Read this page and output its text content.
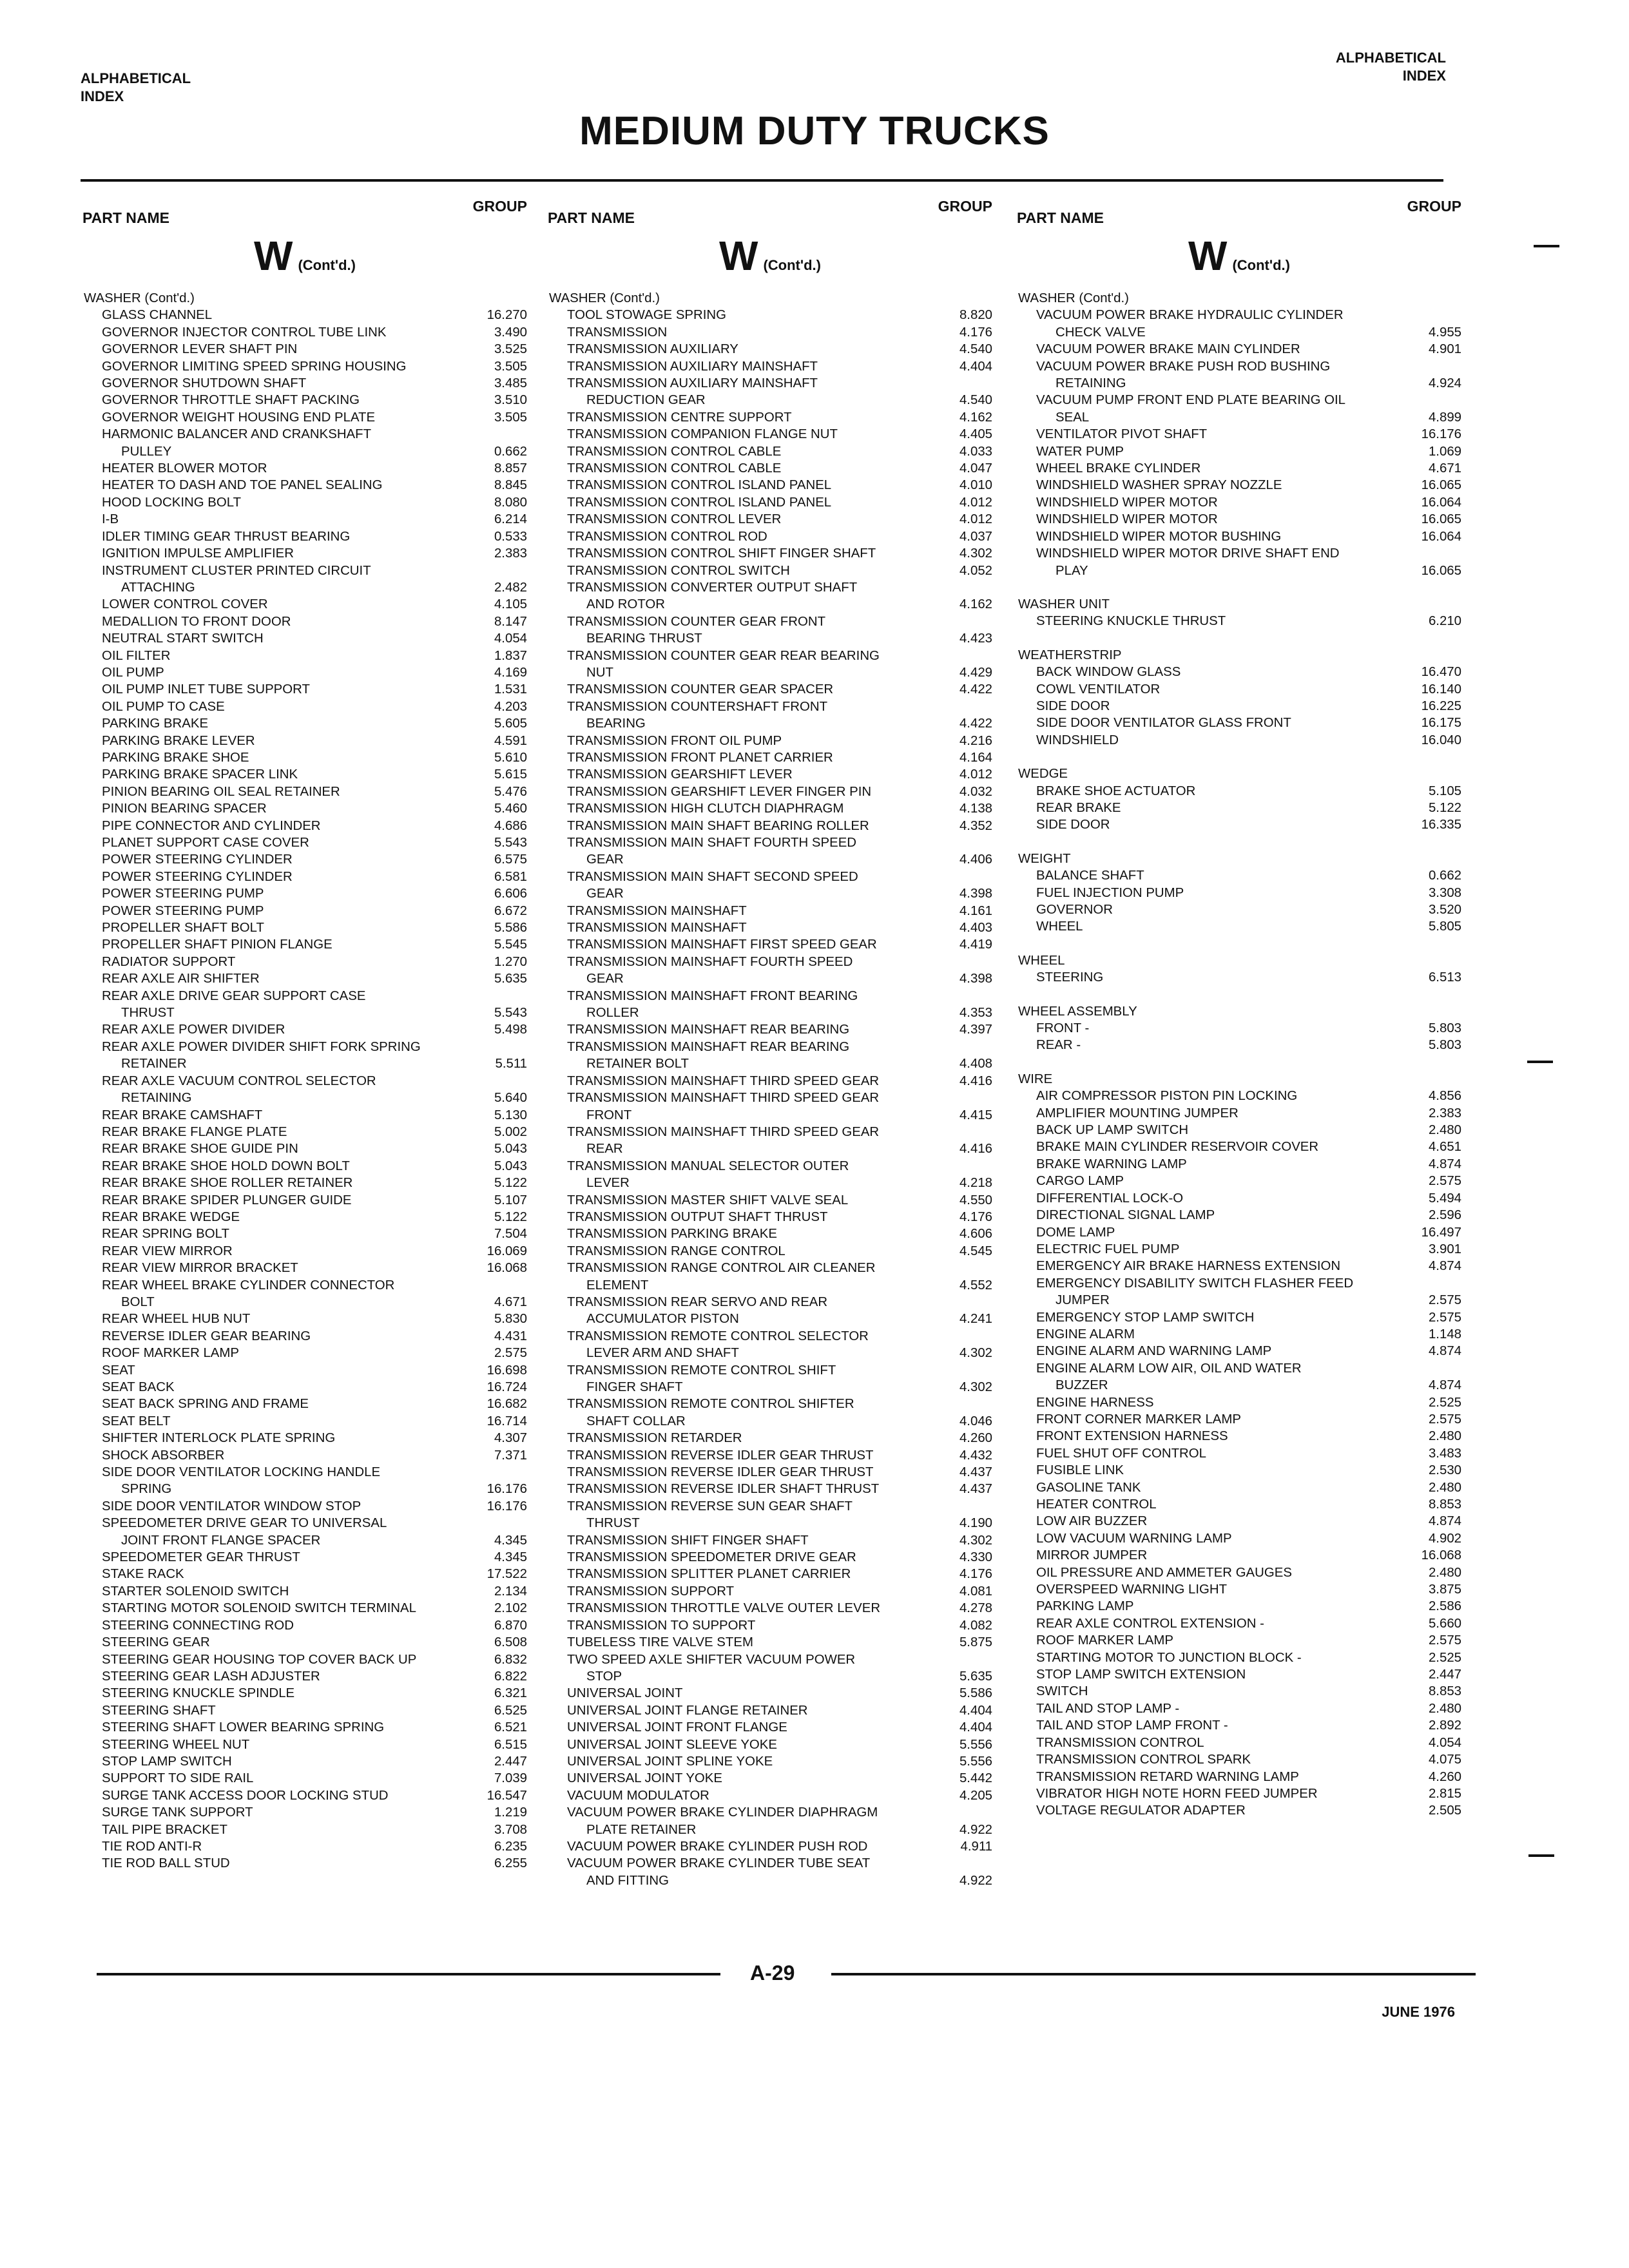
ALPHABETICAL
INDEX
ALPHABETICAL
INDEX
MEDIUM DUTY TRUCKS
PART NAME
GROUP
W (Cont'd.)
WASHER (Cont'd.)
GLASS CHANNEL	16.270
GOVERNOR INJECTOR CONTROL TUBE LINK	3.490
GOVERNOR LEVER SHAFT PIN	3.525
GOVERNOR LIMITING SPEED SPRING HOUSING	3.505
GOVERNOR SHUTDOWN SHAFT	3.485
GOVERNOR THROTTLE SHAFT PACKING	3.510
GOVERNOR WEIGHT HOUSING END PLATE	3.505
HARMONIC BALANCER AND CRANKSHAFT
PULLEY	0.662
HEATER BLOWER MOTOR	8.857
HEATER TO DASH AND TOE PANEL SEALING	8.845
HOOD LOCKING BOLT	8.080
I-B	6.214
IDLER TIMING GEAR THRUST BEARING	0.533
IGNITION IMPULSE AMPLIFIER	2.383
INSTRUMENT CLUSTER PRINTED CIRCUIT
ATTACHING	2.482
LOWER CONTROL COVER	4.105
MEDALLION TO FRONT DOOR	8.147
NEUTRAL START SWITCH	4.054
OIL FILTER	1.837
OIL PUMP	4.169
OIL PUMP INLET TUBE SUPPORT	1.531
OIL PUMP TO CASE	4.203
PARKING BRAKE	5.605
PARKING BRAKE LEVER	4.591
PARKING BRAKE SHOE	5.610
PARKING BRAKE SPACER LINK	5.615
PINION BEARING OIL SEAL RETAINER	5.476
PINION BEARING SPACER	5.460
PIPE CONNECTOR AND CYLINDER	4.686
PLANET SUPPORT CASE COVER	5.543
POWER STEERING CYLINDER	6.575
POWER STEERING CYLINDER	6.581
POWER STEERING PUMP	6.606
POWER STEERING PUMP	6.672
PROPELLER SHAFT BOLT	5.586
PROPELLER SHAFT PINION FLANGE	5.545
RADIATOR SUPPORT	1.270
REAR AXLE AIR SHIFTER	5.635
REAR AXLE DRIVE GEAR SUPPORT CASE
THRUST	5.543
REAR AXLE POWER DIVIDER	5.498
REAR AXLE POWER DIVIDER SHIFT FORK SPRING
RETAINER	5.511
REAR AXLE VACUUM CONTROL SELECTOR
RETAINING	5.640
REAR BRAKE CAMSHAFT	5.130
REAR BRAKE FLANGE PLATE	5.002
REAR BRAKE SHOE GUIDE PIN	5.043
REAR BRAKE SHOE HOLD DOWN BOLT	5.043
REAR BRAKE SHOE ROLLER RETAINER	5.122
REAR BRAKE SPIDER PLUNGER GUIDE	5.107
REAR BRAKE WEDGE	5.122
REAR SPRING BOLT	7.504
REAR VIEW MIRROR	16.069
REAR VIEW MIRROR BRACKET	16.068
REAR WHEEL BRAKE CYLINDER CONNECTOR
BOLT	4.671
REAR WHEEL HUB NUT	5.830
REVERSE IDLER GEAR BEARING	4.431
ROOF MARKER LAMP	2.575
SEAT	16.698
SEAT BACK	16.724
SEAT BACK SPRING AND FRAME	16.682
SEAT BELT	16.714
SHIFTER INTERLOCK PLATE SPRING	4.307
SHOCK ABSORBER	7.371
SIDE DOOR VENTILATOR LOCKING HANDLE
SPRING	16.176
SIDE DOOR VENTILATOR WINDOW STOP	16.176
SPEEDOMETER DRIVE GEAR TO UNIVERSAL
JOINT FRONT FLANGE SPACER	4.345
SPEEDOMETER GEAR THRUST	4.345
STAKE RACK	17.522
STARTER SOLENOID SWITCH	2.134
STARTING MOTOR SOLENOID SWITCH TERMINAL	2.102
STEERING CONNECTING ROD	6.870
STEERING GEAR	6.508
STEERING GEAR HOUSING TOP COVER BACK UP	6.832
STEERING GEAR LASH ADJUSTER	6.822
STEERING KNUCKLE SPINDLE	6.321
STEERING SHAFT	6.525
STEERING SHAFT LOWER BEARING SPRING	6.521
STEERING WHEEL NUT	6.515
STOP LAMP SWITCH	2.447
SUPPORT TO SIDE RAIL	7.039
SURGE TANK ACCESS DOOR LOCKING STUD	16.547
SURGE TANK SUPPORT	1.219
TAIL PIPE BRACKET	3.708
TIE ROD ANTI-R	6.235
TIE ROD BALL STUD	6.255
PART NAME
GROUP
W (Cont'd.)
WASHER (Cont'd.)
TOOL STOWAGE SPRING	8.820
TRANSMISSION	4.176
TRANSMISSION AUXILIARY	4.540
TRANSMISSION AUXILIARY MAINSHAFT	4.404
TRANSMISSION AUXILIARY MAINSHAFT
REDUCTION GEAR	4.540
TRANSMISSION CENTRE SUPPORT	4.162
TRANSMISSION COMPANION FLANGE NUT	4.405
TRANSMISSION CONTROL CABLE	4.033
TRANSMISSION CONTROL CABLE	4.047
TRANSMISSION CONTROL ISLAND PANEL	4.010
TRANSMISSION CONTROL ISLAND PANEL	4.012
TRANSMISSION CONTROL LEVER	4.012
TRANSMISSION CONTROL ROD	4.037
TRANSMISSION CONTROL SHIFT FINGER SHAFT	4.302
TRANSMISSION CONTROL SWITCH	4.052
TRANSMISSION CONVERTER OUTPUT SHAFT
AND ROTOR	4.162
TRANSMISSION COUNTER GEAR FRONT
BEARING THRUST	4.423
TRANSMISSION COUNTER GEAR REAR BEARING
NUT	4.429
TRANSMISSION COUNTER GEAR SPACER	4.422
TRANSMISSION COUNTERSHAFT FRONT
BEARING	4.422
TRANSMISSION FRONT OIL PUMP	4.216
TRANSMISSION FRONT PLANET CARRIER	4.164
TRANSMISSION GEARSHIFT LEVER	4.012
TRANSMISSION GEARSHIFT LEVER FINGER PIN	4.032
TRANSMISSION HIGH CLUTCH DIAPHRAGM	4.138
TRANSMISSION MAIN SHAFT BEARING ROLLER	4.352
TRANSMISSION MAIN SHAFT FOURTH SPEED
GEAR	4.406
TRANSMISSION MAIN SHAFT SECOND SPEED
GEAR	4.398
TRANSMISSION MAINSHAFT	4.161
TRANSMISSION MAINSHAFT	4.403
TRANSMISSION MAINSHAFT FIRST SPEED GEAR	4.419
TRANSMISSION MAINSHAFT FOURTH SPEED
GEAR	4.398
TRANSMISSION MAINSHAFT FRONT BEARING
ROLLER	4.353
TRANSMISSION MAINSHAFT REAR BEARING	4.397
TRANSMISSION MAINSHAFT REAR BEARING
RETAINER BOLT	4.408
TRANSMISSION MAINSHAFT THIRD SPEED GEAR	4.416
TRANSMISSION MAINSHAFT THIRD SPEED GEAR
FRONT	4.415
TRANSMISSION MAINSHAFT THIRD SPEED GEAR
REAR	4.416
TRANSMISSION MANUAL SELECTOR OUTER
LEVER	4.218
TRANSMISSION MASTER SHIFT VALVE SEAL	4.550
TRANSMISSION OUTPUT SHAFT THRUST	4.176
TRANSMISSION PARKING BRAKE	4.606
TRANSMISSION RANGE CONTROL	4.545
TRANSMISSION RANGE CONTROL AIR CLEANER
ELEMENT	4.552
TRANSMISSION REAR SERVO AND REAR
ACCUMULATOR PISTON	4.241
TRANSMISSION REMOTE CONTROL SELECTOR
LEVER ARM AND SHAFT	4.302
TRANSMISSION REMOTE CONTROL SHIFT
FINGER SHAFT	4.302
TRANSMISSION REMOTE CONTROL SHIFTER
SHAFT COLLAR	4.046
TRANSMISSION RETARDER	4.260
TRANSMISSION REVERSE IDLER GEAR THRUST	4.432
TRANSMISSION REVERSE IDLER GEAR THRUST	4.437
TRANSMISSION REVERSE IDLER SHAFT THRUST	4.437
TRANSMISSION REVERSE SUN GEAR SHAFT
THRUST	4.190
TRANSMISSION SHIFT FINGER SHAFT	4.302
TRANSMISSION SPEEDOMETER DRIVE GEAR	4.330
TRANSMISSION SPLITTER PLANET CARRIER	4.176
TRANSMISSION SUPPORT	4.081
TRANSMISSION THROTTLE VALVE OUTER LEVER	4.278
TRANSMISSION TO SUPPORT	4.082
TUBELESS TIRE VALVE STEM	5.875
TWO SPEED AXLE SHIFTER VACUUM POWER
STOP	5.635
UNIVERSAL JOINT	5.586
UNIVERSAL JOINT FLANGE RETAINER	4.404
UNIVERSAL JOINT FRONT FLANGE	4.404
UNIVERSAL JOINT SLEEVE YOKE	5.556
UNIVERSAL JOINT SPLINE YOKE	5.556
UNIVERSAL JOINT YOKE	5.442
VACUUM MODULATOR	4.205
VACUUM POWER BRAKE CYLINDER DIAPHRAGM
PLATE RETAINER	4.922
VACUUM POWER BRAKE CYLINDER PUSH ROD	4.911
VACUUM POWER BRAKE CYLINDER TUBE SEAT
AND FITTING	4.922
PART NAME
GROUP
W (Cont'd.)
WASHER (Cont'd.)
VACUUM POWER BRAKE HYDRAULIC CYLINDER
CHECK VALVE	4.955
VACUUM POWER BRAKE MAIN CYLINDER	4.901
VACUUM POWER BRAKE PUSH ROD BUSHING
RETAINING	4.924
VACUUM PUMP FRONT END PLATE BEARING OIL
SEAL	4.899
VENTILATOR PIVOT SHAFT	16.176
WATER PUMP	1.069
WHEEL BRAKE CYLINDER	4.671
WINDSHIELD WASHER SPRAY NOZZLE	16.065
WINDSHIELD WIPER MOTOR	16.064
WINDSHIELD WIPER MOTOR	16.065
WINDSHIELD WIPER MOTOR BUSHING	16.064
WINDSHIELD WIPER MOTOR DRIVE SHAFT END
PLAY	16.065
WASHER UNIT
STEERING KNUCKLE THRUST	6.210
WEATHERSTRIP
BACK WINDOW GLASS	16.470
COWL VENTILATOR	16.140
SIDE DOOR	16.225
SIDE DOOR VENTILATOR GLASS FRONT	16.175
WINDSHIELD	16.040
WEDGE
BRAKE SHOE ACTUATOR	5.105
REAR BRAKE	5.122
SIDE DOOR	16.335
WEIGHT
BALANCE SHAFT	0.662
FUEL INJECTION PUMP	3.308
GOVERNOR	3.520
WHEEL	5.805
WHEEL
STEERING	6.513
WHEEL ASSEMBLY
FRONT -	5.803
REAR -	5.803
WIRE
AIR COMPRESSOR PISTON PIN LOCKING	4.856
AMPLIFIER MOUNTING JUMPER	2.383
BACK UP LAMP SWITCH	2.480
BRAKE MAIN CYLINDER RESERVOIR COVER	4.651
BRAKE WARNING LAMP	4.874
CARGO LAMP	2.575
DIFFERENTIAL LOCK-O	5.494
DIRECTIONAL SIGNAL LAMP	2.596
DOME LAMP	16.497
ELECTRIC FUEL PUMP	3.901
EMERGENCY AIR BRAKE HARNESS EXTENSION	4.874
EMERGENCY DISABILITY SWITCH FLASHER FEED
JUMPER	2.575
EMERGENCY STOP LAMP SWITCH	2.575
ENGINE ALARM	1.148
ENGINE ALARM AND WARNING LAMP	4.874
ENGINE ALARM LOW AIR, OIL AND WATER
BUZZER	4.874
ENGINE HARNESS	2.525
FRONT CORNER MARKER LAMP	2.575
FRONT EXTENSION HARNESS	2.480
FUEL SHUT OFF CONTROL	3.483
FUSIBLE LINK	2.530
GASOLINE TANK	2.480
HEATER CONTROL	8.853
LOW AIR BUZZER	4.874
LOW VACUUM WARNING LAMP	4.902
MIRROR JUMPER	16.068
OIL PRESSURE AND AMMETER GAUGES	2.480
OVERSPEED WARNING LIGHT	3.875
PARKING LAMP	2.586
REAR AXLE CONTROL EXTENSION -	5.660
ROOF MARKER LAMP	2.575
STARTING MOTOR TO JUNCTION BLOCK -	2.525
STOP LAMP SWITCH EXTENSION	2.447
SWITCH	8.853
TAIL AND STOP LAMP -	2.480
TAIL AND STOP LAMP FRONT -	2.892
TRANSMISSION CONTROL	4.054
TRANSMISSION CONTROL SPARK	4.075
TRANSMISSION RETARD WARNING LAMP	4.260
VIBRATOR HIGH NOTE HORN FEED JUMPER	2.815
VOLTAGE REGULATOR ADAPTER	2.505
A-29
JUNE 1976
